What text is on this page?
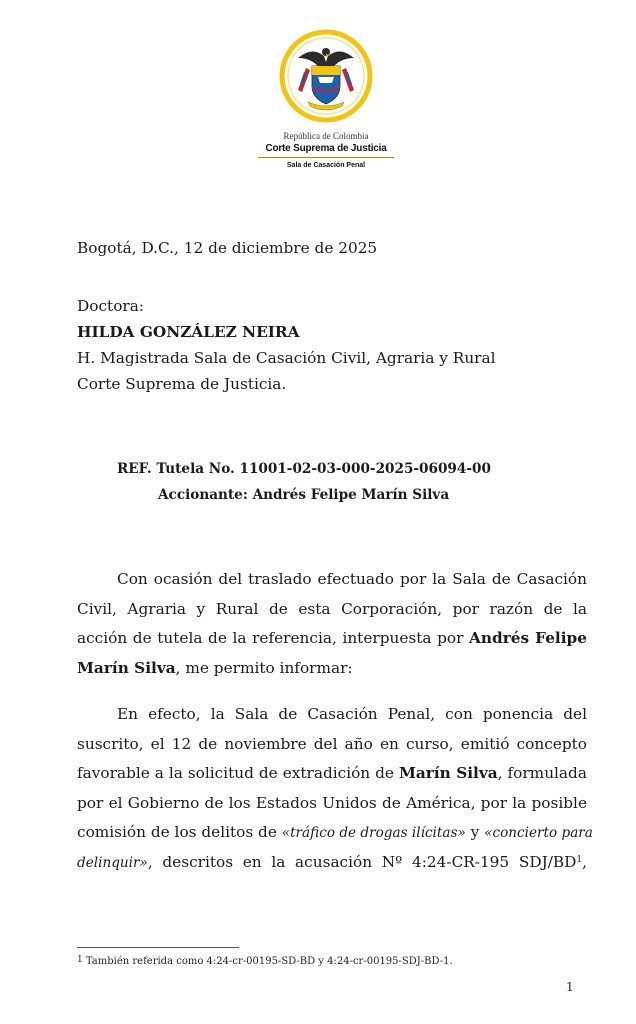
República de Colombia
Corte Suprema de Justicia
Sala de Casación Penal
Bogotá, D.C., 12 de diciembre de 2025
Doctora:
HILDA GONZÁLEZ NEIRA
H. Magistrada Sala de Casación Civil, Agraria y Rural
Corte Suprema de Justicia.
REF. Tutela No. 11001-02-03-000-2025-06094-00
Accionante: Andrés Felipe Marín Silva
Con ocasión del traslado efectuado por la Sala de Casación
Civil, Agraria y Rural de esta Corporación, por razón de la
acción de tutela de la referencia, interpuesta por Andrés Felipe
Marín Silva, me permito informar:
En efecto, la Sala de Casación Penal, con ponencia del
suscrito, el 12 de noviembre del año en curso, emitió concepto
favorable a la solicitud de extradición de Marín Silva, formulada
por el Gobierno de los Estados Unidos de América, por la posible
comisión de los delitos de «tráfico de drogas ilícitas» y «concierto para
delinquir», descritos en la acusación Nº 4:24-CR-195 SDJ/$BD^1$,
$^1$ También referida como 4:24-cr-00195-SD-BD y 4:24-cr-00195-SDJ-BD-1.
1
